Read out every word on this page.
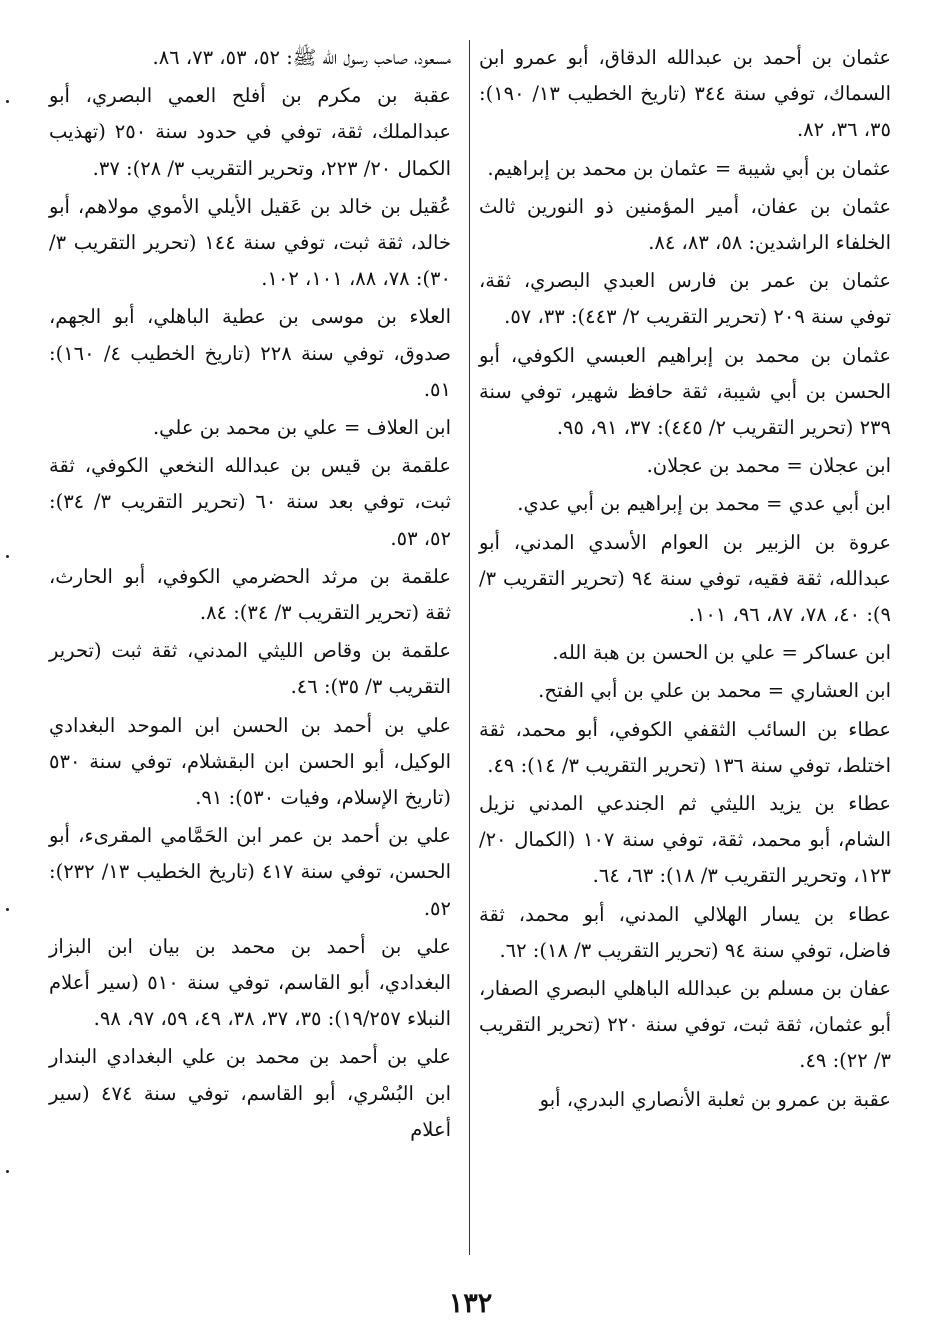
عثمان بن أحمد بن عبدالله الدقاق، أبو عمرو ابن السماك، توفي سنة ٣٤٤ (تاريخ الخطيب ١٣/ ١٩٠): ٣٥، ٣٦، ٨٢.

عثمان بن أبي شيبة = عثمان بن محمد بن إبراهيم.

عثمان بن عفان، أمير المؤمنين ذو النورين ثالث الخلفاء الراشدين: ٥٨، ٨٣، ٨٤.

عثمان بن عمر بن فارس العبدي البصري، ثقة، توفي سنة ٢٠٩ (تحرير التقريب ٢/ ٤٤٣): ٣٣، ٥٧.

عثمان بن محمد بن إبراهيم العبسي الكوفي، أبو الحسن بن أبي شيبة، ثقة حافظ شهير، توفي سنة ٢٣٩ (تحرير التقريب ٢/ ٤٤٥): ٣٧، ٩١، ٩٥.

ابن عجلان = محمد بن عجلان.

ابن أبي عدي = محمد بن إبراهيم بن أبي عدي.

عروة بن الزبير بن العوام الأسدي المدني، أبو عبدالله، ثقة فقيه، توفي سنة ٩٤ (تحرير التقريب ٣/ ٩): ٤٠، ٧٨، ٨٧، ٩٦، ١٠١.

ابن عساكر = علي بن الحسن بن هبة الله.

ابن العشاري = محمد بن علي بن أبي الفتح.

عطاء بن السائب الثقفي الكوفي، أبو محمد، ثقة اختلط، توفي سنة ١٣٦ (تحرير التقريب ٣/ ١٤): ٤٩.

عطاء بن يزيد الليثي ثم الجندعي المدني نزيل الشام، أبو محمد، ثقة، توفي سنة ١٠٧ (الكمال ٢٠/ ١٢٣، وتحرير التقريب ٣/ ١٨): ٦٣، ٦٤.

عطاء بن يسار الهلالي المدني، أبو محمد، ثقة فاضل، توفي سنة ٩٤ (تحرير التقريب ٣/ ١٨): ٦٢.

عفان بن مسلم بن عبدالله الباهلي البصري الصفار، أبو عثمان، ثقة ثبت، توفي سنة ٢٢٠ (تحرير التقريب ٣/ ٢٢): ٤٩.

عقبة بن عمرو بن ثعلبة الأنصاري البدري، أبو

مسعود، صاحب رسول الله ﷺ: ٥٢، ٥٣، ٧٣، ٨٦.

عقبة بن مكرم بن أفلح العمي البصري، أبو عبدالملك، ثقة، توفي في حدود سنة ٢٥٠ (تهذيب الكمال ٢٠/ ٢٢٣، وتحرير التقريب ٣/ ٢٨): ٣٧.

عُقيل بن خالد بن عَقيل الأيلي الأموي مولاهم، أبو خالد، ثقة ثبت، توفي سنة ١٤٤ (تحرير التقريب ٣/ ٣٠): ٧٨، ٨٨، ١٠١، ١٠٢.

العلاء بن موسى بن عطية الباهلي، أبو الجهم، صدوق، توفي سنة ٢٢٨ (تاريخ الخطيب ٤/ ١٦٠): ٥١.

ابن العلاف = علي بن محمد بن علي.

علقمة بن قيس بن عبدالله النخعي الكوفي، ثقة ثبت، توفي بعد سنة ٦٠ (تحرير التقريب ٣/ ٣٤): ٥٢، ٥٣.

علقمة بن مرثد الحضرمي الكوفي، أبو الحارث، ثقة (تحرير التقريب ٣/ ٣٤): ٨٤.

علقمة بن وقاص الليثي المدني، ثقة ثبت (تحرير التقريب ٣/ ٣٥): ٤٦.

علي بن أحمد بن الحسن ابن الموحد البغدادي الوكيل، أبو الحسن ابن البقشلام، توفي سنة ٥٣٠ (تاريخ الإسلام، وفيات ٥٣٠): ٩١.

علي بن أحمد بن عمر ابن الحَمَّامي المقرىء، أبو الحسن، توفي سنة ٤١٧ (تاريخ الخطيب ١٣/ ٢٣٢): ٥٢.

علي بن أحمد بن محمد بن بيان ابن البزاز البغدادي، أبو القاسم، توفي سنة ٥١٠ (سير أعلام النبلاء ١٩/٢٥٧): ٣٥، ٣٧، ٣٨، ٤٩، ٥٩، ٩٧، ٩٨.

علي بن أحمد بن محمد بن علي البغدادي البندار ابن البُسْري، أبو القاسم، توفي سنة ٤٧٤ (سير أعلام

١٣٢
